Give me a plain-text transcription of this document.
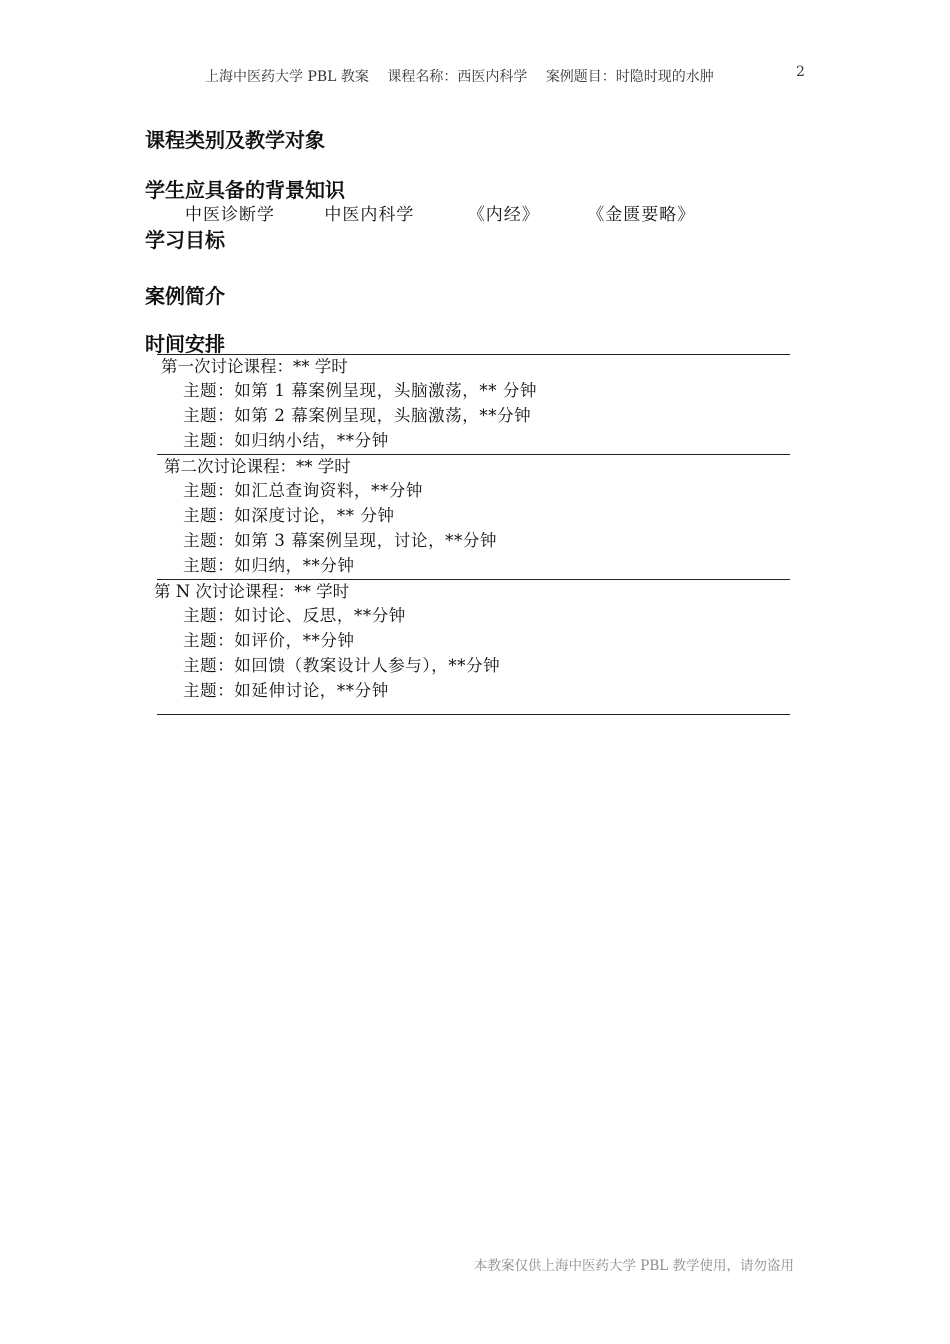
上海中医药大学 PBL 教案 课程名称：西医内科学 案例题目：时隐时现的水肿	2
课程类别及教学对象
学生应具备的背景知识
中医诊断学	中医内科学	《内经》	《金匮要略》
学习目标
案例简介
时间安排
第一次讨论课程：** 学时
主题：如第 1 幕案例呈现，头脑激荡，** 分钟
主题：如第 2 幕案例呈现，头脑激荡，**分钟
主题：如归纳小结，**分钟
第二次讨论课程：** 学时
主题：如汇总查询资料，**分钟
主题：如深度讨论，** 分钟
主题：如第 3 幕案例呈现，讨论，**分钟
主题：如归纳，**分钟
第 N 次讨论课程：** 学时
主题：如讨论、反思，**分钟
主题：如评价，**分钟
主题：如回馈（教案设计人参与），**分钟
主题：如延伸讨论，**分钟
本教案仅供上海中医药大学 PBL 教学使用，请勿盗用
